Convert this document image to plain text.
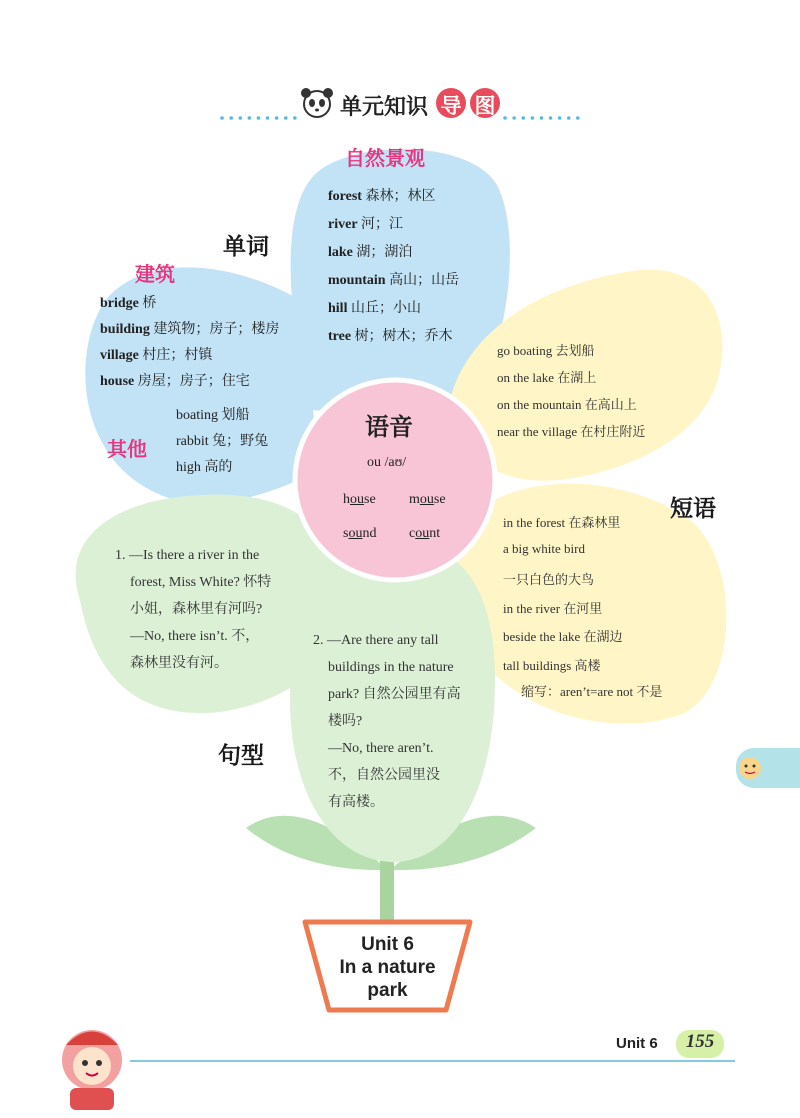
单元知识 导 图
单词
短语
句型
自然景观
建筑
其他
forest 森林；林区
river 河；江
lake 湖；湖泊
mountain 高山；山岳
hill 山丘；小山
tree 树；树木；乔木
bridge 桥
building 建筑物；房子；楼房
village 村庄；村镇
house 房屋；房子；住宅
boating 划船
rabbit 兔；野兔
high 高的
语音
ou /aʊ/
house mouse
sound count
go boating 去划船
on the lake 在湖上
on the mountain 在高山上
near the village 在村庄附近
in the forest 在森林里
a big white bird
一只白色的大鸟
in the river 在河里
beside the lake 在湖边
tall buildings 高楼
缩写：aren’t=are not 不是
1. —Is there a river in the
forest, Miss White? 怀特
小姐，森林里有河吗?
—No, there isn’t. 不，
森林里没有河。
2. —Are there any tall
buildings in the nature
park? 自然公园里有高
楼吗?
—No, there aren’t.
不，自然公园里没
有高楼。
Unit 6
In a nature
park
Unit 6	155
